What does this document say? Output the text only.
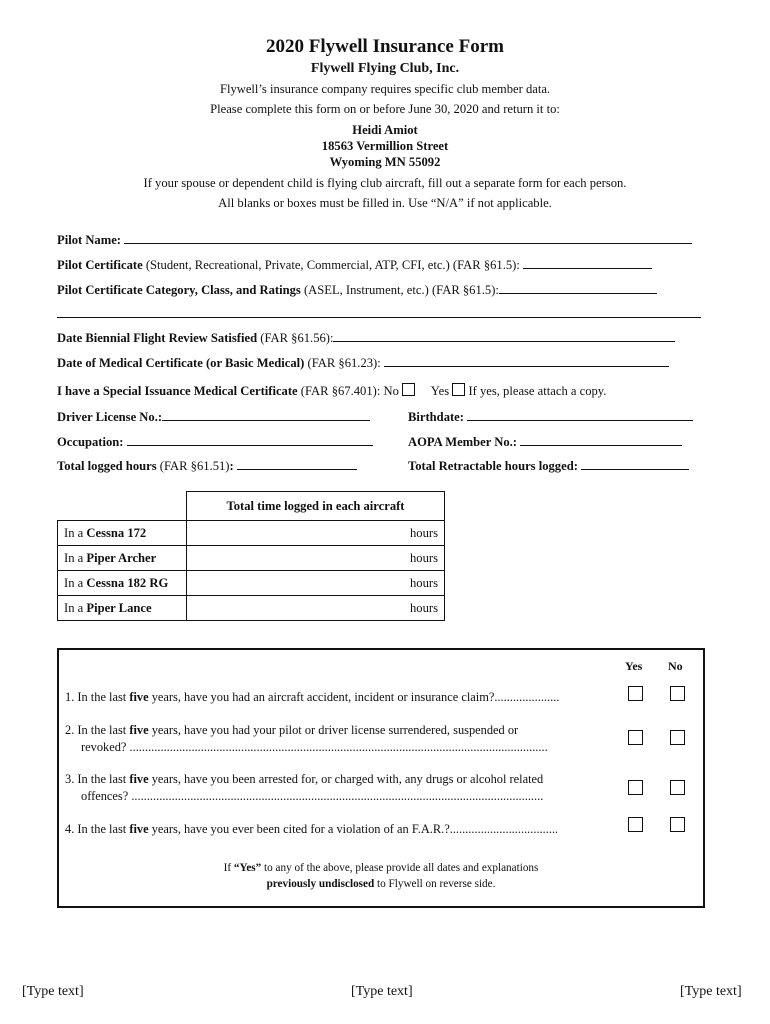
2020 Flywell Insurance Form
Flywell Flying Club, Inc.
Flywell’s insurance company requires specific club member data.
Please complete this form on or before June 30, 2020 and return it to:
Heidi Amiot
18563 Vermillion Street
Wyoming MN 55092
If your spouse or dependent child is flying club aircraft, fill out a separate form for each person.
All blanks or boxes must be filled in. Use “N/A” if not applicable.
Pilot Name:
Pilot Certificate (Student, Recreational, Private, Commercial, ATP, CFI, etc.) (FAR §61.5):
Pilot Certificate Category, Class, and Ratings (ASEL, Instrument, etc.) (FAR §61.5):
Date Biennial Flight Review Satisfied (FAR §61.56):
Date of Medical Certificate (or Basic Medical) (FAR §61.23):
I have a Special Issuance Medical Certificate (FAR §67.401): No	Yes If yes, please attach a copy.
Driver License No.:	Birthdate:
Occupation:	AOPA Member No.:
Total logged hours (FAR §61.51):	Total Retractable hours logged:
	Total time logged in each aircraft
In a Cessna 172	hours
In a Piper Archer	hours
In a Cessna 182 RG	hours
In a Piper Lance	hours
Yes No
1. In the last five years, have you had an aircraft accident, incident or insurance claim?.....................
2. In the last five years, have you had your pilot or driver license surrendered, suspended or
revoked? .......................................................................................................................................
3. In the last five years, have you been arrested for, or charged with, any drugs or alcohol related
offences? .....................................................................................................................................
4. In the last five years, have you ever been cited for a violation of an F.A.R.?...................................
If “Yes” to any of the above, please provide all dates and explanations
previously undisclosed to Flywell on reverse side.
[Type text]	[Type text]	[Type text]
